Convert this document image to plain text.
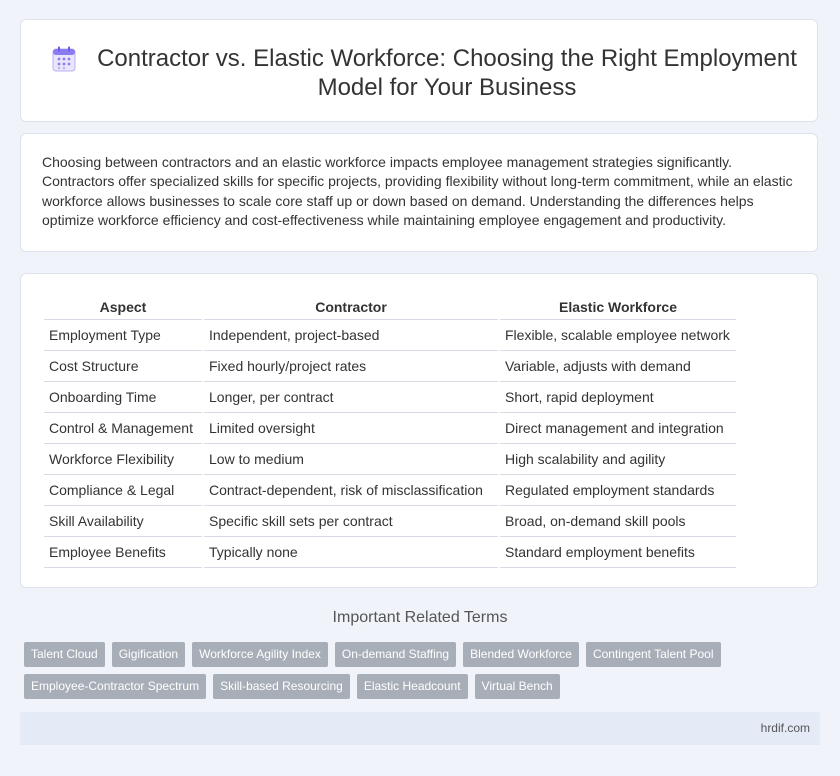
Contractor vs. Elastic Workforce: Choosing the Right Employment Model for Your Business

Choosing between contractors and an elastic workforce impacts employee management strategies significantly. Contractors offer specialized skills for specific projects, providing flexibility without long-term commitment, while an elastic workforce allows businesses to scale core staff up or down based on demand. Understanding the differences helps optimize workforce efficiency and cost-effectiveness while maintaining employee engagement and productivity.

Aspect	Contractor	Elastic Workforce
Employment Type	Independent, project-based	Flexible, scalable employee network
Cost Structure	Fixed hourly/project rates	Variable, adjusts with demand
Onboarding Time	Longer, per contract	Short, rapid deployment
Control & Management	Limited oversight	Direct management and integration
Workforce Flexibility	Low to medium	High scalability and agility
Compliance & Legal	Contract-dependent, risk of misclassification	Regulated employment standards
Skill Availability	Specific skill sets per contract	Broad, on-demand skill pools
Employee Benefits	Typically none	Standard employment benefits
Important Related Terms
Talent Cloud	Gigification	Workforce Agility Index	On-demand Staffing	Blended Workforce	Contingent Talent Pool
Employee-Contractor Spectrum	Skill-based Resourcing	Elastic Headcount	Virtual Bench
hrdif.com
